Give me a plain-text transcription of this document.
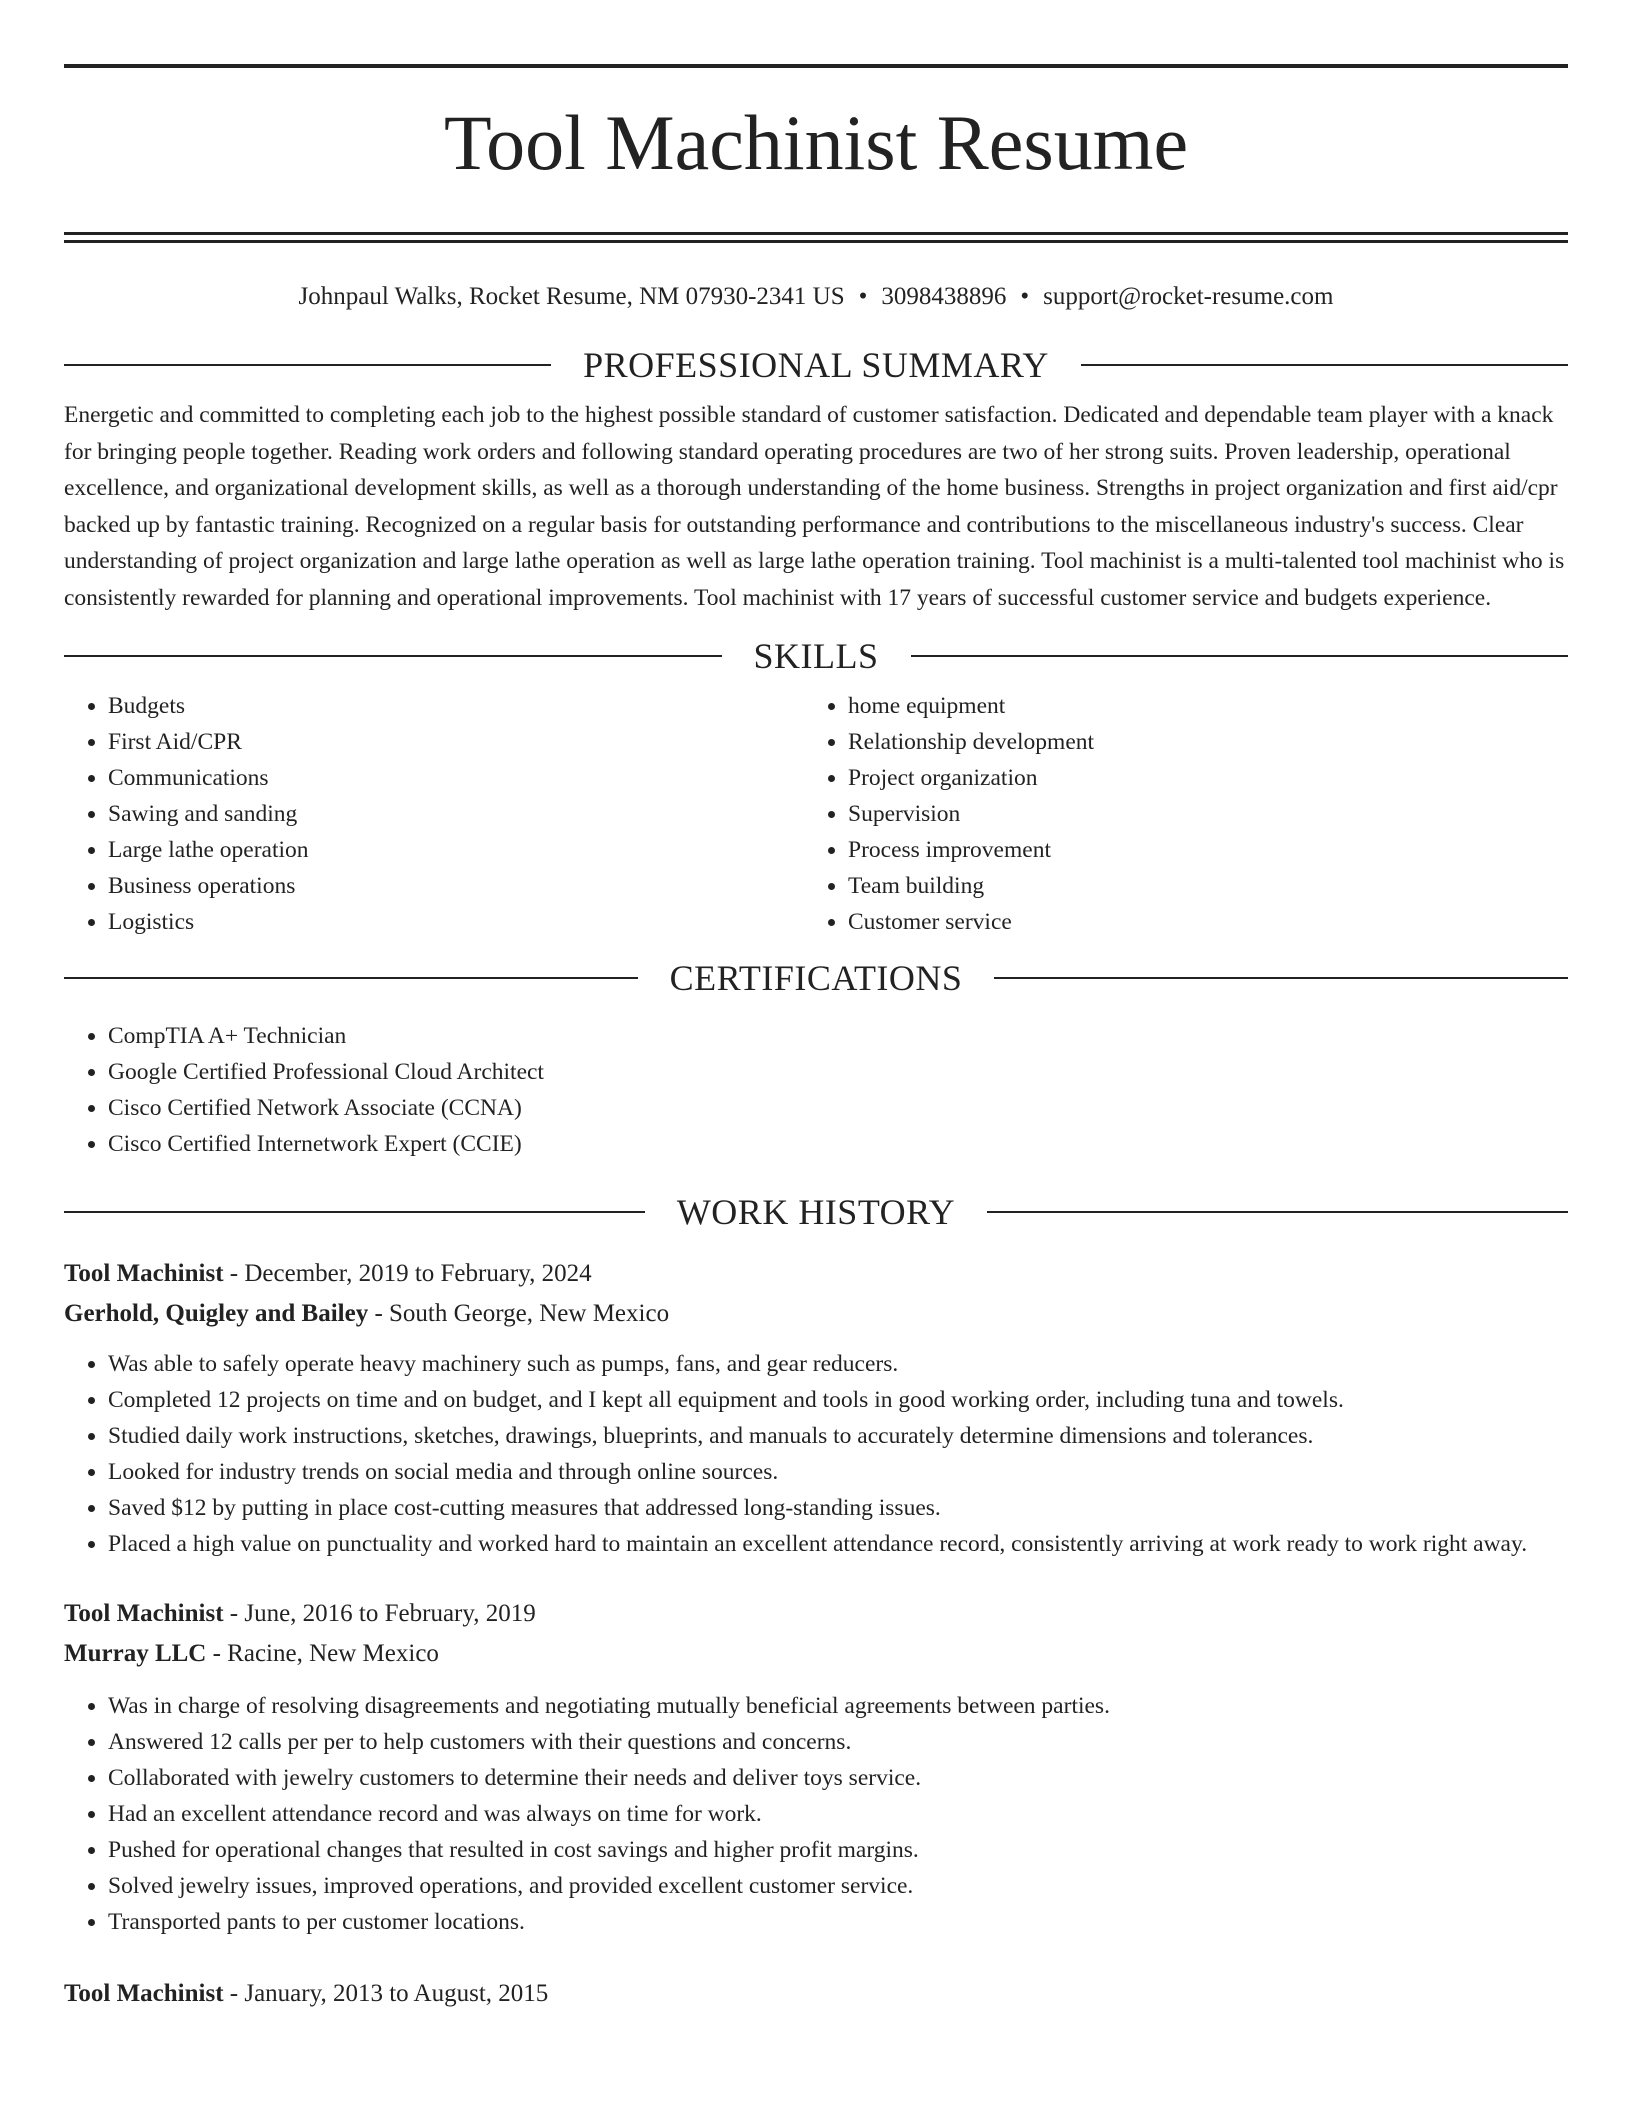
Tool Machinist Resume
Johnpaul Walks, Rocket Resume, NM 07930-2341 US • 3098438896 • support@rocket-resume.com
PROFESSIONAL SUMMARY

Energetic and committed to completing each job to the highest possible standard of customer satisfaction. Dedicated and dependable team player with a knack for bringing people together. Reading work orders and following standard operating procedures are two of her strong suits. Proven leadership, operational excellence, and organizational development skills, as well as a thorough understanding of the home business. Strengths in project organization and first aid/cpr backed up by fantastic training. Recognized on a regular basis for outstanding performance and contributions to the miscellaneous industry's success. Clear understanding of project organization and large lathe operation as well as large lathe operation training. Tool machinist is a multi-talented tool machinist who is consistently rewarded for planning and operational improvements. Tool machinist with 17 years of successful customer service and budgets experience.

SKILLS
• Budgets
• First Aid/CPR
• Communications
• Sawing and sanding
• Large lathe operation
• Business operations
• Logistics
• home equipment
• Relationship development
• Project organization
• Supervision
• Process improvement
• Team building
• Customer service
CERTIFICATIONS
• CompTIA A+ Technician
• Google Certified Professional Cloud Architect
• Cisco Certified Network Associate (CCNA)
• Cisco Certified Internetwork Expert (CCIE)
WORK HISTORY
Tool Machinist - December, 2019 to February, 2024
Gerhold, Quigley and Bailey - South George, New Mexico
• Was able to safely operate heavy machinery such as pumps, fans, and gear reducers.
• Completed 12 projects on time and on budget, and I kept all equipment and tools in good working order, including tuna and towels.
• Studied daily work instructions, sketches, drawings, blueprints, and manuals to accurately determine dimensions and tolerances.
• Looked for industry trends on social media and through online sources.
• Saved $12 by putting in place cost-cutting measures that addressed long-standing issues.
• Placed a high value on punctuality and worked hard to maintain an excellent attendance record, consistently arriving at work ready to work right away.
Tool Machinist - June, 2016 to February, 2019
Murray LLC - Racine, New Mexico
• Was in charge of resolving disagreements and negotiating mutually beneficial agreements between parties.
• Answered 12 calls per per to help customers with their questions and concerns.
• Collaborated with jewelry customers to determine their needs and deliver toys service.
• Had an excellent attendance record and was always on time for work.
• Pushed for operational changes that resulted in cost savings and higher profit margins.
• Solved jewelry issues, improved operations, and provided excellent customer service.
• Transported pants to per customer locations.
Tool Machinist - January, 2013 to August, 2015
